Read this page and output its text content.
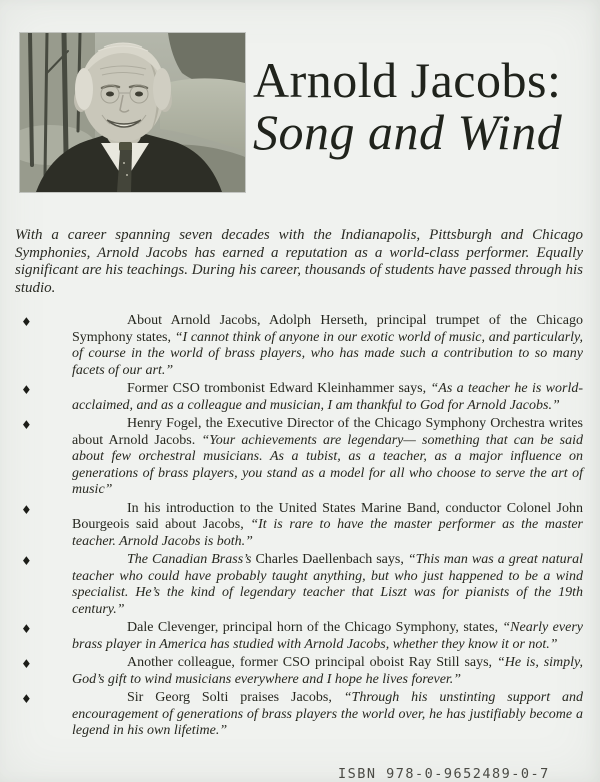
Arnold Jacobs:
Song and Wind

With a career spanning seven decades with the Indianapolis, Pittsburgh and Chicago Symphonies, Arnold Jacobs has earned a reputation as a world-class performer. Equally significant are his teachings. During his career, thousands of students have passed through his studio.

♦	About Arnold Jacobs, Adolph Herseth, principal trumpet of the Chicago Symphony states, “I cannot think of anyone in our exotic world of music, and particularly, of course in the world of brass players, who has made such a contribution to so many facets of our art.”

♦	Former CSO trombonist Edward Kleinhammer says, “As a teacher he is world-acclaimed, and as a colleague and musician, I am thankful to God for Arnold Jacobs.”

♦	Henry Fogel, the Executive Director of the Chicago Symphony Orchestra writes about Arnold Jacobs. “Your achievements are legendary— something that can be said about few orchestral musicians. As a tubist, as a teacher, as a major influence on generations of brass players, you stand as a model for all who choose to serve the art of music”

♦	In his introduction to the United States Marine Band, conductor Colonel John Bourgeois said about Jacobs, “It is rare to have the master performer as the master teacher. Arnold Jacobs is both.”

♦	The Canadian Brass’s Charles Daellenbach says, “This man was a great natural teacher who could have probably taught anything, but who just happened to be a wind specialist. He’s the kind of legendary teacher that Liszt was for pianists of the 19th century.”

♦	Dale Clevenger, principal horn of the Chicago Symphony, states, “Nearly every brass player in America has studied with Arnold Jacobs, whether they know it or not.”

♦	Another colleague, former CSO principal oboist Ray Still says, “He is, simply, God’s gift to wind musicians everywhere and I hope he lives forever.”

♦	Sir Georg Solti praises Jacobs, “Through his unstinting support and encouragement of generations of brass players the world over, he has justifiably become a legend in his own lifetime.”

ISBN 978-0-9652489-0-7
